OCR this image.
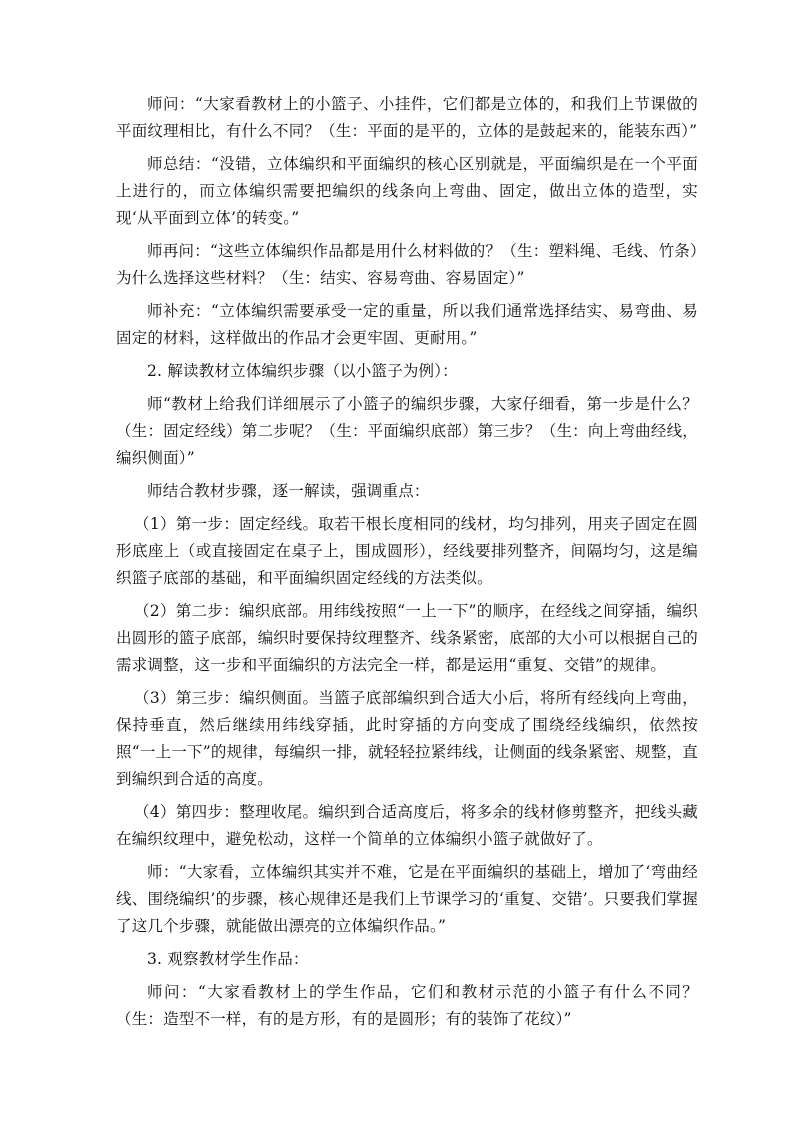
师问：“大家看教材上的小篮子、小挂件，它们都是立体的，和我们上节课做的平面纹理相比，有什么不同？（生：平面的是平的，立体的是鼓起来的，能装东西）”

师总结：“没错，立体编织和平面编织的核心区别就是，平面编织是在一个平面上进行的，而立体编织需要把编织的线条向上弯曲、固定，做出立体的造型，实现‘从平面到立体’的转变。”

师再问：“这些立体编织作品都是用什么材料做的？（生：塑料绳、毛线、竹条）为什么选择这些材料？（生：结实、容易弯曲、容易固定）”

师补充：“立体编织需要承受一定的重量，所以我们通常选择结实、易弯曲、易固定的材料，这样做出的作品才会更牢固、更耐用。”

2. 解读教材立体编织步骤（以小篮子为例）：

师“教材上给我们详细展示了小篮子的编织步骤，大家仔细看，第一步是什么？（生：固定经线）第二步呢？（生：平面编织底部）第三步？（生：向上弯曲经线，编织侧面）”

师结合教材步骤，逐一解读，强调重点：

（1）第一步：固定经线。取若干根长度相同的线材，均匀排列，用夹子固定在圆形底座上（或直接固定在桌子上，围成圆形），经线要排列整齐，间隔均匀，这是编织篮子底部的基础，和平面编织固定经线的方法类似。

（2）第二步：编织底部。用纬线按照“一上一下”的顺序，在经线之间穿插，编织出圆形的篮子底部，编织时要保持纹理整齐、线条紧密，底部的大小可以根据自己的需求调整，这一步和平面编织的方法完全一样，都是运用“重复、交错”的规律。

（3）第三步：编织侧面。当篮子底部编织到合适大小后，将所有经线向上弯曲，保持垂直，然后继续用纬线穿插，此时穿插的方向变成了围绕经线编织，依然按照“一上一下”的规律，每编织一排，就轻轻拉紧纬线，让侧面的线条紧密、规整，直到编织到合适的高度。

（4）第四步：整理收尾。编织到合适高度后，将多余的线材修剪整齐，把线头藏在编织纹理中，避免松动，这样一个简单的立体编织小篮子就做好了。

师：“大家看，立体编织其实并不难，它是在平面编织的基础上，增加了‘弯曲经线、围绕编织’的步骤，核心规律还是我们上节课学习的‘重复、交错’。只要我们掌握了这几个步骤，就能做出漂亮的立体编织作品。”

3. 观察教材学生作品：

师问：“大家看教材上的学生作品，它们和教材示范的小篮子有什么不同？（生：造型不一样，有的是方形，有的是圆形；有的装饰了花纹）”
